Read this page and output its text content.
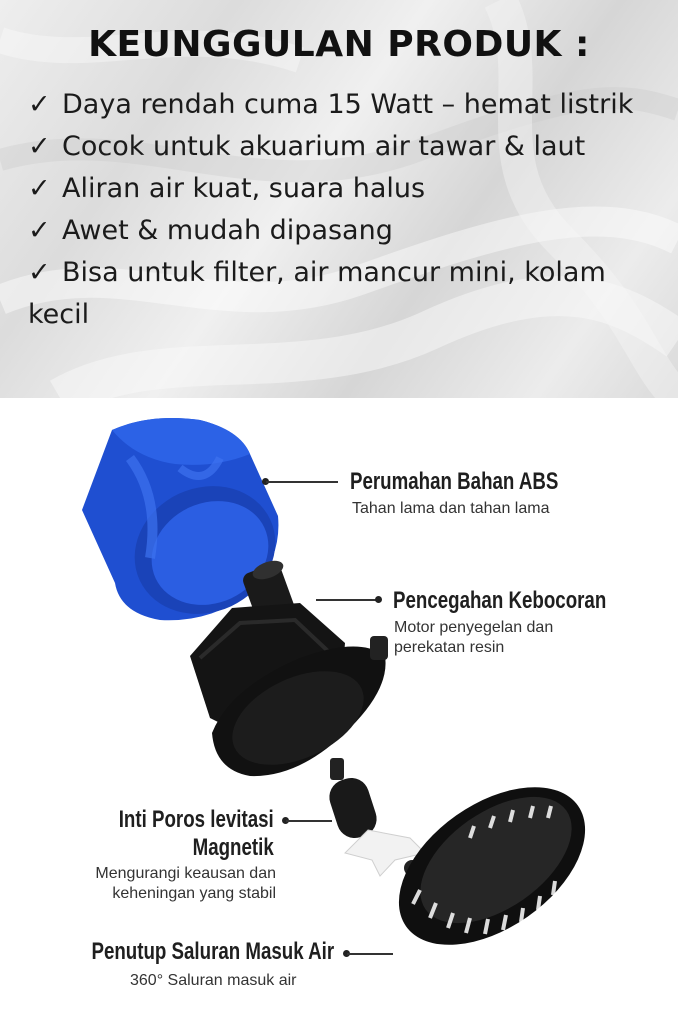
KEUNGGULAN PRODUK :
✓ Daya rendah cuma 15 Watt – hemat listrik
✓ Cocok untuk akuarium air tawar & laut
✓ Aliran air kuat, suara halus
✓ Awet & mudah dipasang
✓ Bisa untuk filter, air mancur mini, kolam kecil
Perumahan Bahan ABS
Tahan lama dan tahan lama
Pencegahan Kebocoran
Motor penyegelan dan perekatan resin
Inti Poros levitasi
Magnetik
Mengurangi keausan dan keheningan yang stabil
Penutup Saluran Masuk Air
360° Saluran masuk air
